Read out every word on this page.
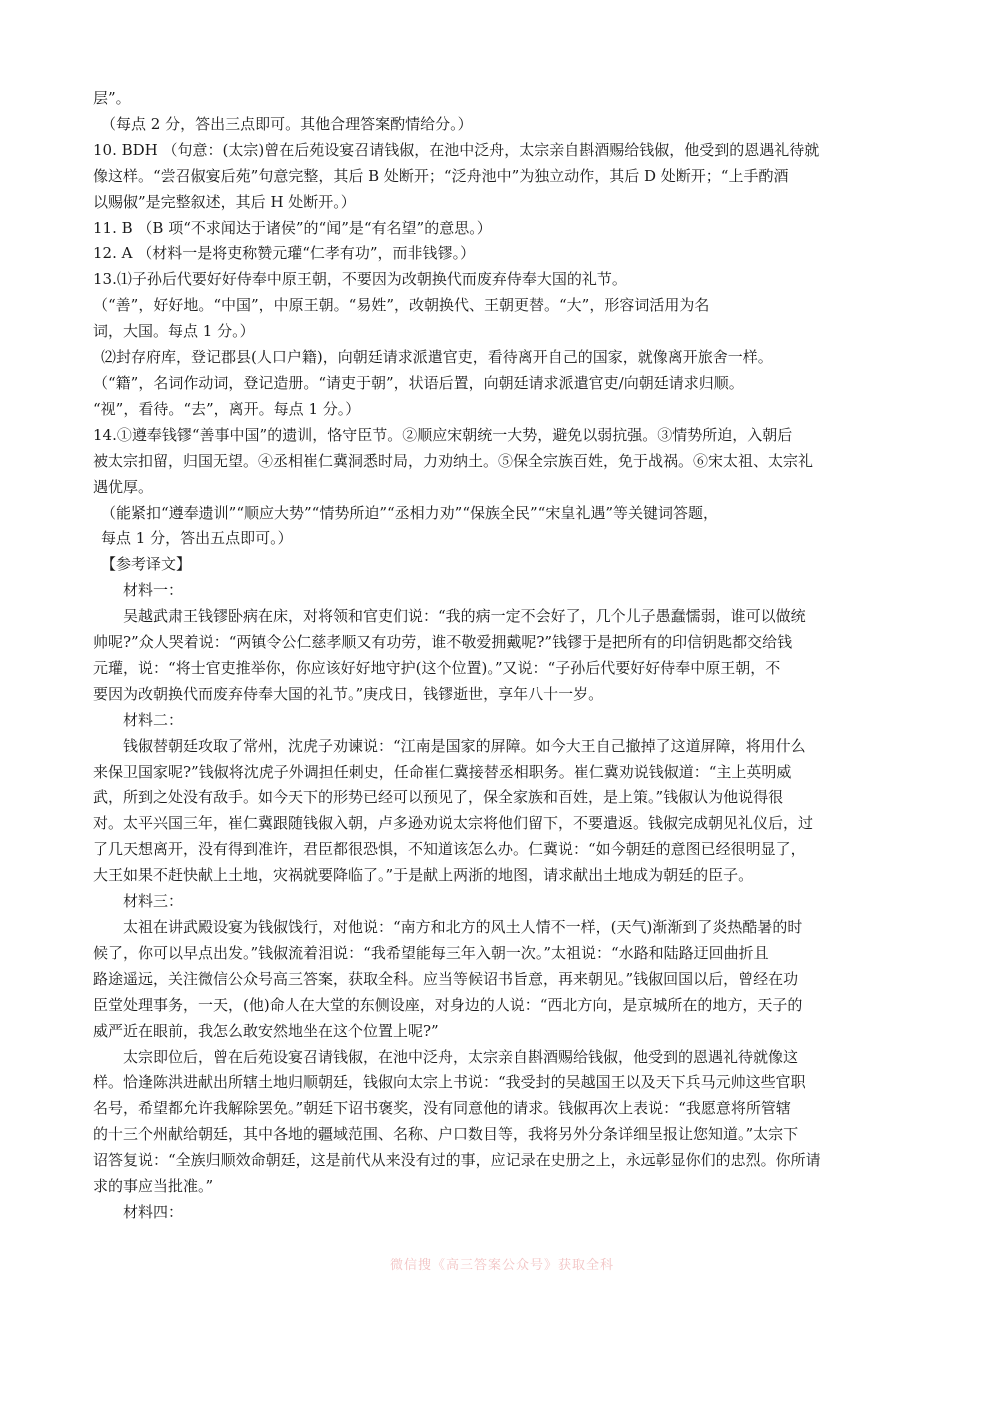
层”。

（每点 2 分，答出三点即可。其他合理答案酌情给分。）

10. BDH （句意：(太宗)曾在后苑设宴召请钱俶，在池中泛舟，太宗亲自斟酒赐给钱俶，他受到的恩遇礼待就

像这样。“尝召俶宴后苑”句意完整，其后 B 处断开；“泛舟池中”为独立动作，其后 D 处断开；“上手酌酒

以赐俶”是完整叙述，其后 H 处断开。）

11. B （B 项“不求闻达于诸侯”的“闻”是“有名望”的意思。）

12. A （材料一是将吏称赞元瓘“仁孝有功”，而非钱镠。）

13.⑴子孙后代要好好侍奉中原王朝，不要因为改朝换代而废弃侍奉大国的礼节。

（“善”，好好地。“中国”，中原王朝。“易姓”，改朝换代、王朝更替。“大”，形容词活用为名

词，大国。每点 1 分。）

⑵封存府库，登记郡县(人口户籍)，向朝廷请求派遣官吏，看待离开自己的国家，就像离开旅舍一样。

（“籍”，名词作动词，登记造册。“请吏于朝”，状语后置，向朝廷请求派遣官吏/向朝廷请求归顺。

“视”，看待。“去”，离开。每点 1 分。）

14.①遵奉钱镠“善事中国”的遗训，恪守臣节。②顺应宋朝统一大势，避免以弱抗强。③情势所迫，入朝后

被太宗扣留，归国无望。④丞相崔仁冀洞悉时局，力劝纳土。⑤保全宗族百姓，免于战祸。⑥宋太祖、太宗礼

遇优厚。

（能紧扣“遵奉遗训”“顺应大势”“情势所迫”“丞相力劝”“保族全民”“宋皇礼遇”等关键词答题，

每点 1 分，答出五点即可。）

【参考译文】

材料一：

吴越武肃王钱镠卧病在床，对将领和官吏们说：“我的病一定不会好了，几个儿子愚蠢懦弱，谁可以做统

帅呢?”众人哭着说：“两镇令公仁慈孝顺又有功劳，谁不敬爱拥戴呢?”钱镠于是把所有的印信钥匙都交给钱

元瓘，说：“将士官吏推举你，你应该好好地守护(这个位置)。”又说：“子孙后代要好好侍奉中原王朝，不

要因为改朝换代而废弃侍奉大国的礼节。”庚戌日，钱镠逝世，享年八十一岁。

材料二：

钱俶替朝廷攻取了常州，沈虎子劝谏说：“江南是国家的屏障。如今大王自己撤掉了这道屏障，将用什么

来保卫国家呢?”钱俶将沈虎子外调担任刺史，任命崔仁冀接替丞相职务。崔仁冀劝说钱俶道：“主上英明威

武，所到之处没有敌手。如今天下的形势已经可以预见了，保全家族和百姓，是上策。”钱俶认为他说得很

对。太平兴国三年，崔仁冀跟随钱俶入朝，卢多逊劝说太宗将他们留下，不要遣返。钱俶完成朝见礼仪后，过

了几天想离开，没有得到准许，君臣都很恐惧，不知道该怎么办。仁冀说：“如今朝廷的意图已经很明显了，

大王如果不赶快献上土地，灾祸就要降临了。”于是献上两浙的地图，请求献出土地成为朝廷的臣子。

材料三：

太祖在讲武殿设宴为钱俶饯行，对他说：“南方和北方的风土人情不一样，(天气)渐渐到了炎热酷暑的时

候了，你可以早点出发。”钱俶流着泪说：“我希望能每三年入朝一次。”太祖说：“水路和陆路迂回曲折且

路途遥远，关注微信公众号高三答案，获取全科。应当等候诏书旨意，再来朝见。”钱俶回国以后，曾经在功

臣堂处理事务，一天，(他)命人在大堂的东侧设座，对身边的人说：“西北方向，是京城所在的地方，天子的

威严近在眼前，我怎么敢安然地坐在这个位置上呢?”

太宗即位后，曾在后苑设宴召请钱俶，在池中泛舟，太宗亲自斟酒赐给钱俶，他受到的恩遇礼待就像这

样。恰逢陈洪进献出所辖土地归顺朝廷，钱俶向太宗上书说：“我受封的吴越国王以及天下兵马元帅这些官职

名号，希望都允许我解除罢免。”朝廷下诏书褒奖，没有同意他的请求。钱俶再次上表说：“我愿意将所管辖

的十三个州献给朝廷，其中各地的疆域范围、名称、户口数目等，我将另外分条详细呈报让您知道。”太宗下

诏答复说：“全族归顺效命朝廷，这是前代从来没有过的事，应记录在史册之上，永远彰显你们的忠烈。你所请

求的事应当批准。”

材料四：

微信搜《高三答案公众号》获取全科
